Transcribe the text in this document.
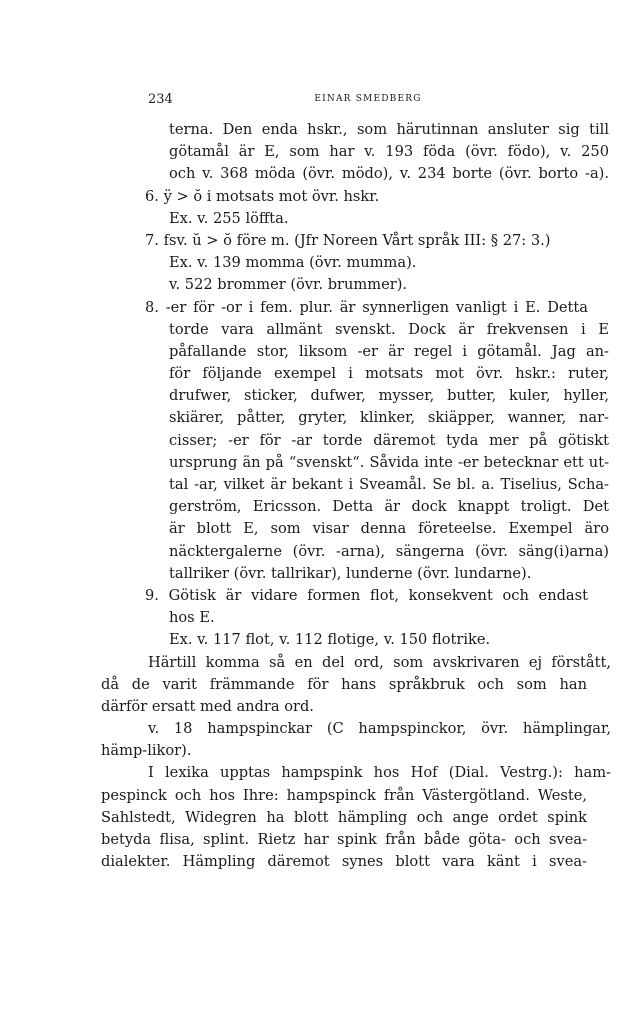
234	EINAR SMEDBERG
terna. Den enda hskr., som härutinnan ansluter sig till
götamål är E, som har v. 193 föda (övr. födo), v. 250
och v. 368 möda (övr. mödo), v. 234 borte (övr. borto -a).
6. ÿ > ŏ i motsats mot övr. hskr.
Ex. v. 255 löffta.
7. fsv. ŭ > ŏ före m. (Jfr Noreen Vårt språk III: § 27: 3.)
Ex. v. 139 momma (övr. mumma).
v. 522 brommer (övr. brummer).
8. -er för -or i fem. plur. är synnerligen vanligt i E. Detta
torde vara allmänt svenskt. Dock är frekvensen i E
påfallande stor, liksom -er är regel i götamål. Jag an-
för följande exempel i motsats mot övr. hskr.: ruter,
drufwer, sticker, dufwer, mysser, butter, kuler, hyller,
skiärer, påtter, gryter, klinker, skiäpper, wanner, nar-
cisser; -er för -ar torde däremot tyda mer på götiskt
ursprung än på “svenskt“. Såvida inte -er betecknar ett ut-
tal -ar, vilket är bekant i Sveamål. Se bl. a. Tiselius, Scha-
gerström, Ericsson. Detta är dock knappt troligt. Det
är blott E, som visar denna företeelse. Exempel äro
näcktergalerne (övr. -arna), sängerna (övr. säng(i)arna)
tallriker (övr. tallrikar), lunderne (övr. lundarne).
9. Götisk är vidare formen flot, konsekvent och endast
hos E.
Ex. v. 117 flot, v. 112 flotige, v. 150 flotrike.
Härtill komma så en del ord, som avskrivaren ej förstått,
då de varit främmande för hans språkbruk och som han
därför ersatt med andra ord.
v. 18 hampspinckar (C hampspinckor, övr. hämplingar,
hämp-likor).
I lexika upptas hampspink hos Hof (Dial. Vestrg.): ham-
pespinck och hos Ihre: hampspinck från Västergötland. Weste,
Sahlstedt, Widegren ha blott hämpling och ange ordet spink
betyda flisa, splint. Rietz har spink från både göta- och svea-
dialekter. Hämpling däremot synes blott vara känt i svea-
